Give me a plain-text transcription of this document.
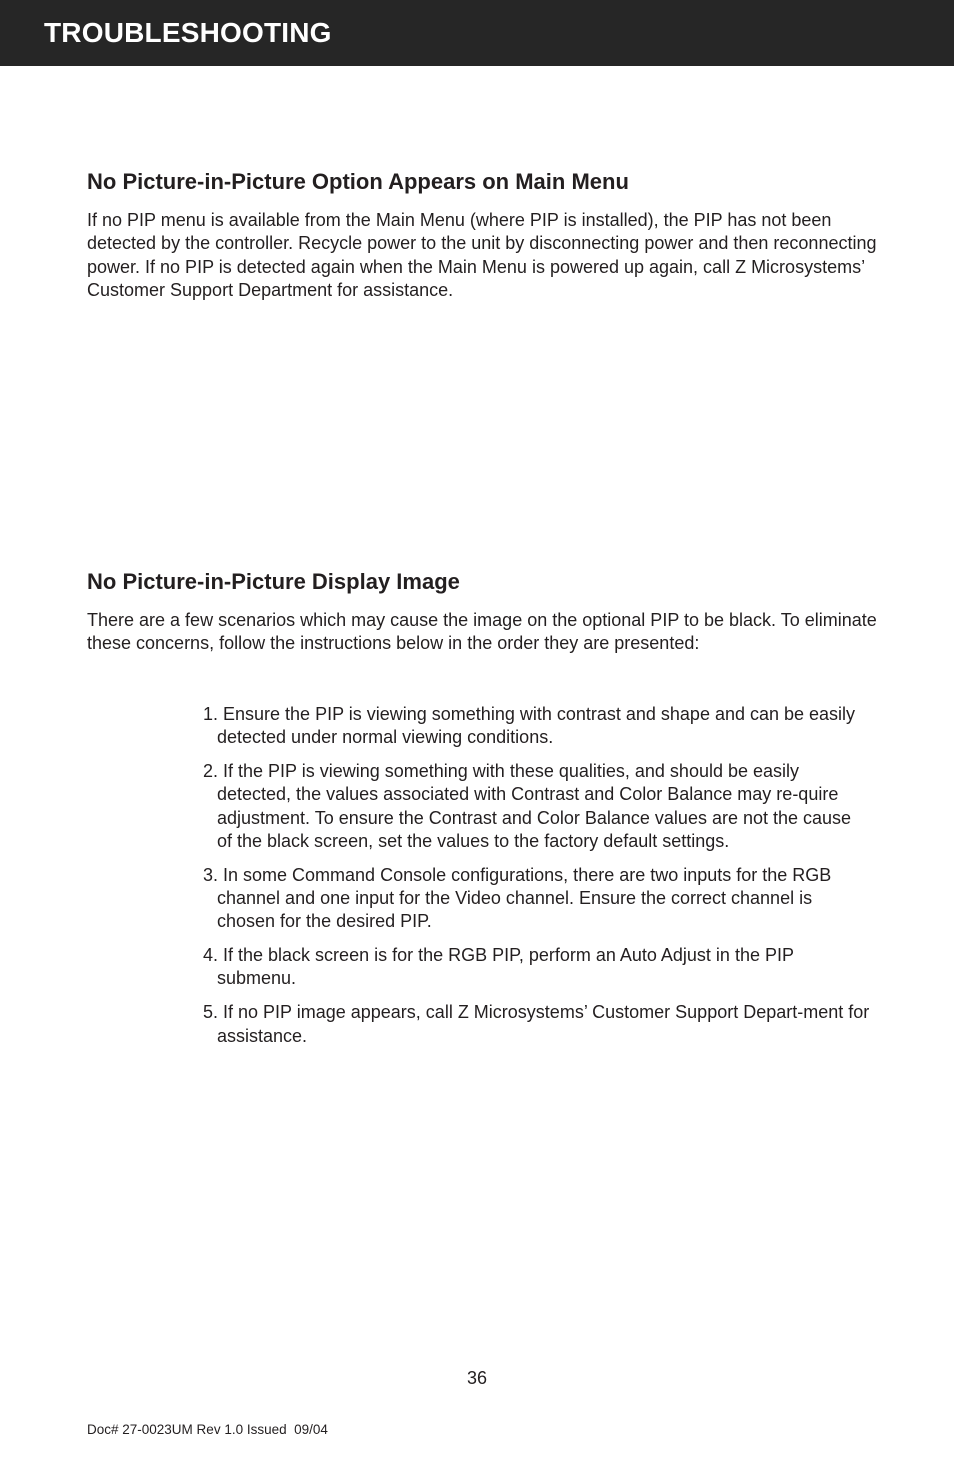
TROUBLESHOOTING
No Picture-in-Picture Option Appears on Main Menu
If no PIP menu is available from the Main Menu (where PIP is installed), the PIP has not been detected by the controller. Recycle power to the unit by disconnecting power and then reconnecting power. If no PIP is detected again when the Main Menu is powered up again, call Z Microsystems’ Customer Support Department for assistance.
No Picture-in-Picture Display Image
There are a few scenarios which may cause the image on the optional PIP to be black. To eliminate these concerns, follow the instructions below in the order they are presented:
1. Ensure the PIP is viewing something with contrast and shape and can be easily detected under normal viewing conditions.
2. If the PIP is viewing something with these qualities, and should be easily detected, the values associated with Contrast and Color Balance may re-quire adjustment. To ensure the Contrast and Color Balance values are not the cause of the black screen, set the values to the factory default settings.
3. In some Command Console configurations, there are two inputs for the RGB channel and one input for the Video channel. Ensure the correct channel is chosen for the desired PIP.
4. If the black screen is for the RGB PIP, perform an Auto Adjust in the PIP submenu.
5. If no PIP image appears, call Z Microsystems’ Customer Support Depart-ment for assistance.
36
Doc# 27-0023UM Rev 1.0 Issued  09/04
